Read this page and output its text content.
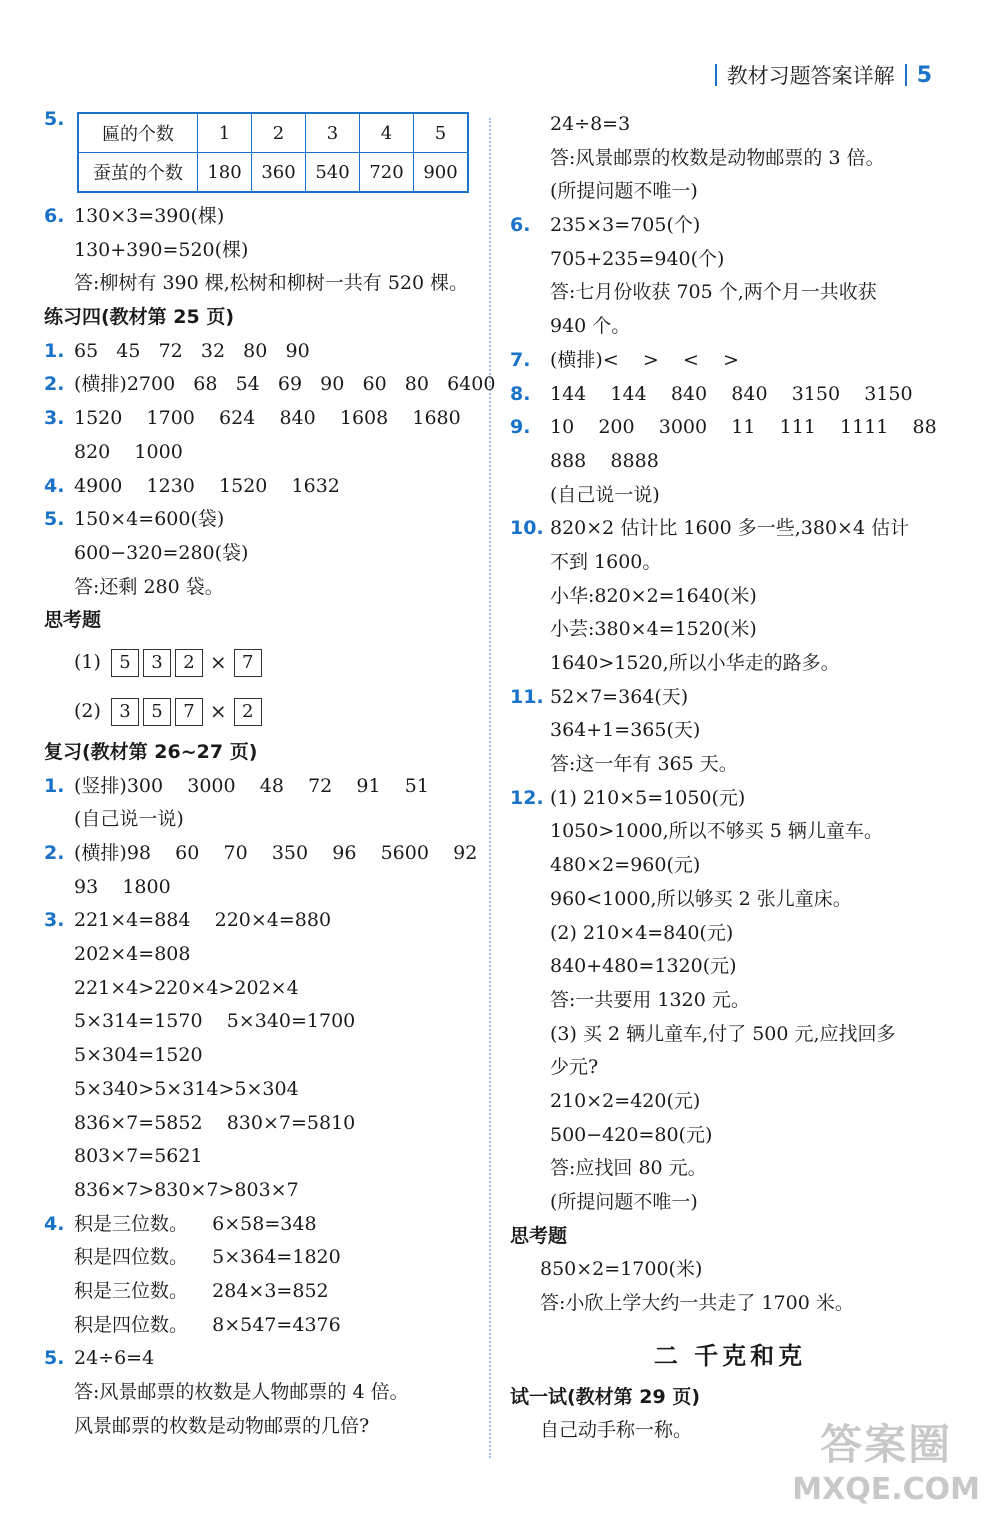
教材习题答案详解 5
5.
匾的个数	1	2	3	4	5
蚕茧的个数	180	360	540	720	900
6. 130×3=390(棵)
130+390=520(棵)
答:柳树有 390 棵,松树和柳树一共有 520 棵。
练习四(教材第 25 页)
1. 65   45   72   32   80   90
2. (横排)2700   68   54   69   90   60   80   6400
3. 1520    1700    624    840    1608    1680
820    1000
4. 4900    1230    1520    1632
5. 150×4=600(袋)
600−320=280(袋)
答:还剩 280 袋。
思考题
(1)	5	3	2 × 7
(2)	3	5	7 × 2
复习(教材第 26~27 页)
1. (竖排)300    3000    48    72    91    51
(自己说一说)
2. (横排)98    60    70    350    96    5600    92
93    1800
3. 221×4=884    220×4=880
202×4=808
221×4>220×4>202×4
5×314=1570    5×340=1700
5×304=1520
5×340>5×314>5×304
836×7=5852    830×7=5810
803×7=5621
836×7>830×7>803×7
4. 积是三位数。    6×58=348
积是四位数。    5×364=1820
积是三位数。    284×3=852
积是四位数。    8×547=4376
5. 24÷6=4
答:风景邮票的枚数是人物邮票的 4 倍。
风景邮票的枚数是动物邮票的几倍?
24÷8=3
答:风景邮票的枚数是动物邮票的 3 倍。
(所提问题不唯一)
6. 235×3=705(个)
705+235=940(个)
答:七月份收获 705 个,两个月一共收获
940 个。
7. (横排)<    >    <    >
8. 144    144    840    840    3150    3150
9. 10    200    3000    11    111    1111    88
888    8888
(自己说一说)
10. 820×2 估计比 1600 多一些,380×4 估计
不到 1600。
小华:820×2=1640(米)
小芸:380×4=1520(米)
1640>1520,所以小华走的路多。
11. 52×7=364(天)
364+1=365(天)
答:这一年有 365 天。
12. (1) 210×5=1050(元)
1050>1000,所以不够买 5 辆儿童车。
480×2=960(元)
960<1000,所以够买 2 张儿童床。
(2) 210×4=840(元)
840+480=1320(元)
答:一共要用 1320 元。
(3) 买 2 辆儿童车,付了 500 元,应找回多
少元?
210×2=420(元)
500−420=80(元)
答:应找回 80 元。
(所提问题不唯一)
思考题
850×2=1700(米)
答:小欣上学大约一共走了 1700 米。
二 千克和克
试一试(教材第 29 页)
自己动手称一称。	答案圈
MXQE.COM
